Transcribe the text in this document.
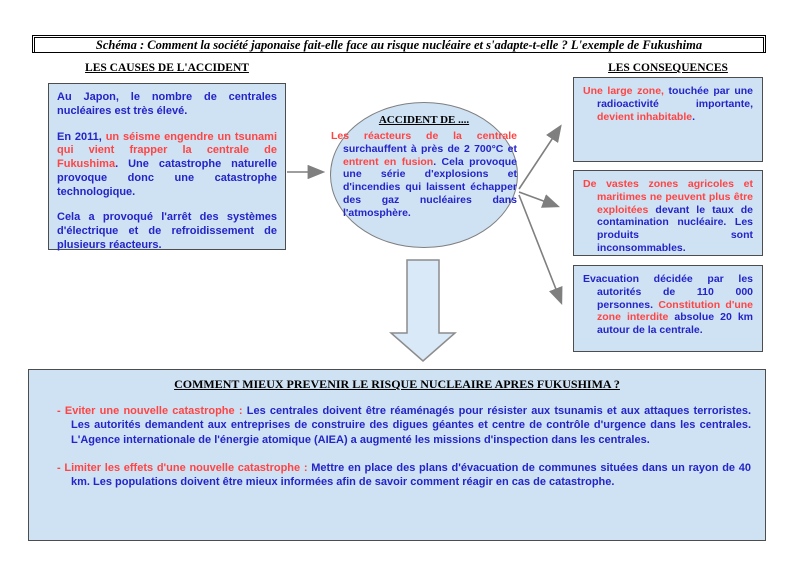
Schéma : Comment la société japonaise fait-elle face au risque nucléaire et s'adapte-t-elle ? L'exemple de Fukushima
LES CAUSES DE L'ACCIDENT	LES CONSEQUENCES

Au Japon, le nombre de centrales nucléaires est très élevé.

En 2011, un séisme engendre un tsunami qui vient frapper la centrale de Fukushima. Une catastrophe naturelle provoque donc une catastrophe technologique.

Cela a provoqué l'arrêt des systèmes d'électrique et de refroidissement de plusieurs réacteurs.

ACCIDENT DE ....
Les réacteurs de la centrale surchauffent à près de 2 700°C et entrent en fusion. Cela provoque une série d'explosions et d'incendies qui laissent échapper des gaz nucléaires dans l'atmosphère.
Une large zone, touchée par une radioactivité importante, devient inhabitable.
De vastes zones agricoles et maritimes ne peuvent plus être exploitées devant le taux de contamination nucléaire. Les produits sont inconsommables.
Evacuation décidée par les autorités de 110 000 personnes. Constitution d'une zone interdite absolue 20 km autour de la centrale.
COMMENT MIEUX PREVENIR LE RISQUE NUCLEAIRE APRES FUKUSHIMA ?
- Eviter une nouvelle catastrophe : Les centrales doivent être réaménagés pour résister aux tsunamis et aux attaques terroristes. Les autorités demandent aux entreprises de construire des digues géantes et centre de contrôle d'urgence dans les centrales. L'Agence internationale de l'énergie atomique (AIEA) a augmenté les missions d'inspection dans les centrales.
- Limiter les effets d'une nouvelle catastrophe : Mettre en place des plans d'évacuation de communes situées dans un rayon de 40 km. Les populations doivent être mieux informées afin de savoir comment réagir en cas de catastrophe.
